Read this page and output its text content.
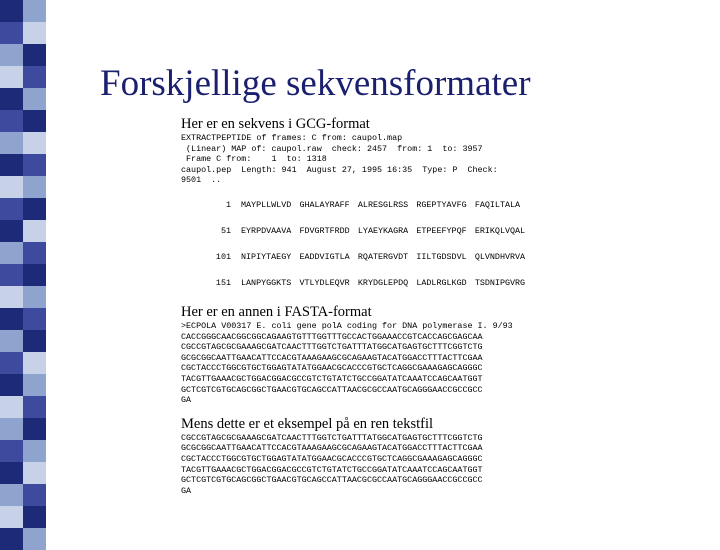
Forskjellige sekvensformater
Her er en sekvens i GCG-format
EXTRACTPEPTIDE of frames: C from: caupol.map
(Linear) MAP of: caupol.raw  check: 2457  from: 1  to: 3957
Frame C from:    1  to: 1318
caupol.pep  Length: 941  August 27, 1995 16:35  Type: P  Check:
9501  ..
1	MAYPLLWLVD GHALAYRAFF ALRESGLRSS RGEPTYAVFG FAQILTALA
51	EYRPDVAAVA FDVGRTFRDD LYAEYKAGRA ETPEEFYPQF ERIKQLVQAL
101	NIPIYTAEGY EADDVIGTLA RQATERGVDT IILTGDSDVL QLVNDHVRVA
151	LANPYGGKTS VTLYDLEQVR KRYDGLEPDQ LADLRGLKGD TSDNIPGVRG
Her er en annen i FASTA-format
>ECPOLA V00317 E. coli gene polA coding for DNA polymerase I. 9/93
CACCGGGCAACGGCGGCAGAAGTGTTTGGTTTGCCACTGGAAACCGTCACCAGCGAGCAA
CGCCGTAGCGCGAAAGCGATCAACTTTGGTCTGATTTATGGCATGAGTGCTTTCGGTCTG
GCGCGGCAATTGAACATTCCACGTAAAGAAGCGCAGAAGTACATGGACCTTTACTTCGAA
CGCTACCCTGGCGTGCTGGAGTATATGGAACGCACCCGTGCTCAGGCGAAAGAGCAGGGC
TACGTTGAAACGCTGGACGGACGCCGTCTGTATCTGCCGGATATCAAATCCAGCAATGGT
GCTCGTCGTGCAGCGGCTGAACGTGCAGCCATTAACGCGCCAATGCAGGGAACCGCCGCC
GA
Mens dette er et eksempel på en ren tekstfil
CGCCGTAGCGCGAAAGCGATCAACTTTGGTCTGATTTATGGCATGAGTGCTTTCGGTCTG
GCGCGGCAATTGAACATTCCACGTAAAGAAGCGCAGAAGTACATGGACCTTTACTTCGAA
CGCTACCCTGGCGTGCTGGAGTATATGGAACGCACCCGTGCTCAGGCGAAAGAGCAGGGC
TACGTTGAAACGCTGGACGGACGCCGTCTGTATCTGCCGGATATCAAATCCAGCAATGGT
GCTCGTCGTGCAGCGGCTGAACGTGCAGCCATTAACGCGCCAATGCAGGGAACCGCCGCC
GA
